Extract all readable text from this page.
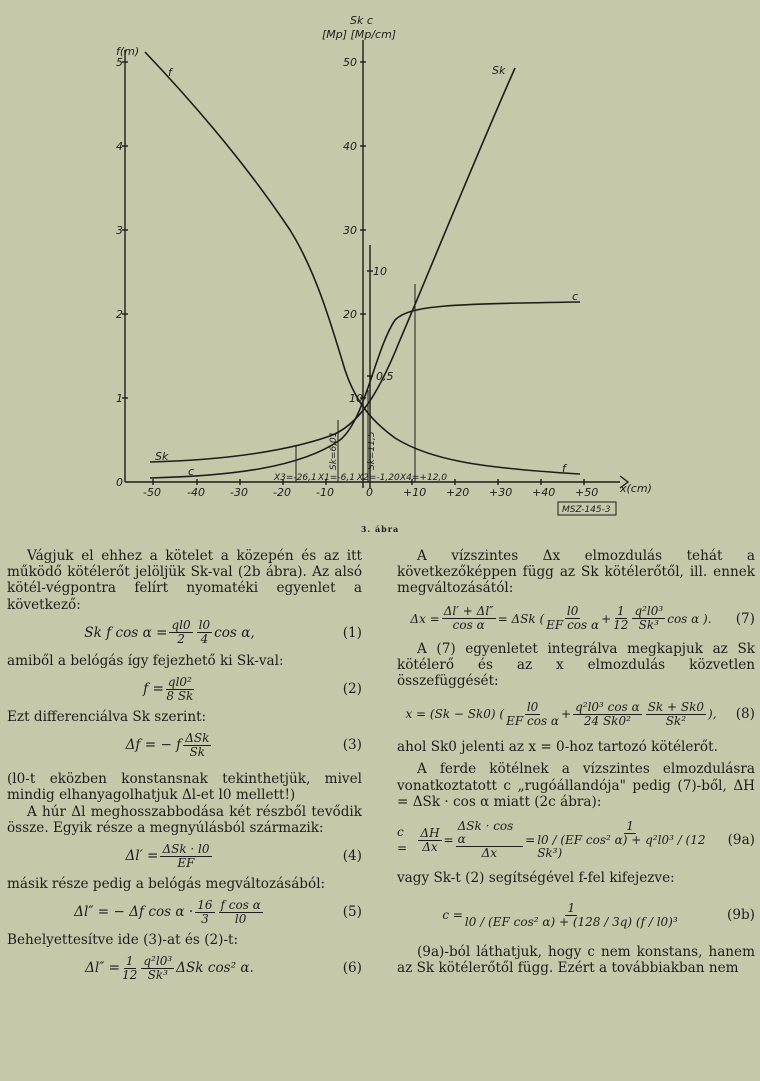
f(m)
Sk c
[Mp] [Mp/cm]
x(cm)
5
4
3
2
1
0
50
40
30
20
10
10
0,5
-50 -40 -30 -20 -10	0	+10 +20 +30 +40 +50
f
f
Sk
Sk
c
c	X3=-26,1
Sk=6,01
X1=-6,1
Sk=11,5
X2=-1,20 X4=+12,0
MSZ-145-3
3. ábra

Vágjuk el ehhez a kötelet a közepén és az itt működő kötélerőt jelöljük Sk-val (2b ábra). Az alsó kötél-végpontra felírt nyomatéki egyenlet a következő:

Sk f $\cos \alpha = \frac{ql0}{2} l0$
4 cos α,	(1)

amiből a belógás így fejezhető ki Sk-val:

$f = \frac{\text{ql0²}}{8 Sk}$	(2)

Ezt differenciálva Sk szerint:

Δf = − f ΔSk
Sk	(3)

(l0-t eközben konstansnak tekinthetjük, mivel mindig elhanyagolhatjuk Δl-et l0 mellett!)

A húr Δl meghosszabbodása két részből tevődik össze. Egyik része a megnyúlásból származik:

Δl′ = ΔSk · l0
EF	(4)

másik része pedig a belógás megváltozásából:

Δl″ = − Δf cos α · 16
3
f cos α
l0	(5)

Behelyettesítve ide (3)-at és (2)-t:

$\Delta l'' = \frac{1}{12} q^2l0^3$
Sk³ ΔSk cos² α.	(6)

A vízszintes Δx elmozdulás tehát a következőképpen függ az Sk kötélerőtől, ill. ennek megváltozásától:

$\Delta x = \frac{\Delta l' + \Delta l''}{\text{cos α}} = \Delta Sk$ (
l0
EF $\cos \alpha + \frac{1}{12} q^2l0^3$
Sk³ cos α ). (7)

A (7) egyenletet integrálva megkapjuk az Sk kötélerő és az x elmozdulás közvetlen összefüggését:

x = (Sk − Sk0) (
l0
EF $\cos \alpha + \frac{\text{q²l0³ cos α}}{\text{24 Sk0²}}$ Sk + Sk0
Sk² ), (8)

ahol Sk0 jelenti az x = 0-hoz tartozó kötélerőt.

A ferde kötélnek a vízszintes elmozdulásra vonatkoztatott c „rugóállandója" pedig (7)-ből, ΔH = ΔSk · cos α miatt (2c ábra):

$c = \frac{\Delta H}{\Delta x}$ =
ΔSk · cos α
Δx
= $\frac{1}{\text{l0 / (EF cos² α) + q²l0³ / (12 Sk³)}} (9a)$

vagy Sk-t (2) segítségével f-fel kifejezve:

$c = \frac{1}{\text{l0 / (EF cos² α) + (128 / 3q) (f / l0)³}}$	(9b)

(9a)-ból láthatjuk, hogy c nem konstans, hanem az Sk kötélerőtől függ. Ezért a továbbiakban nem
